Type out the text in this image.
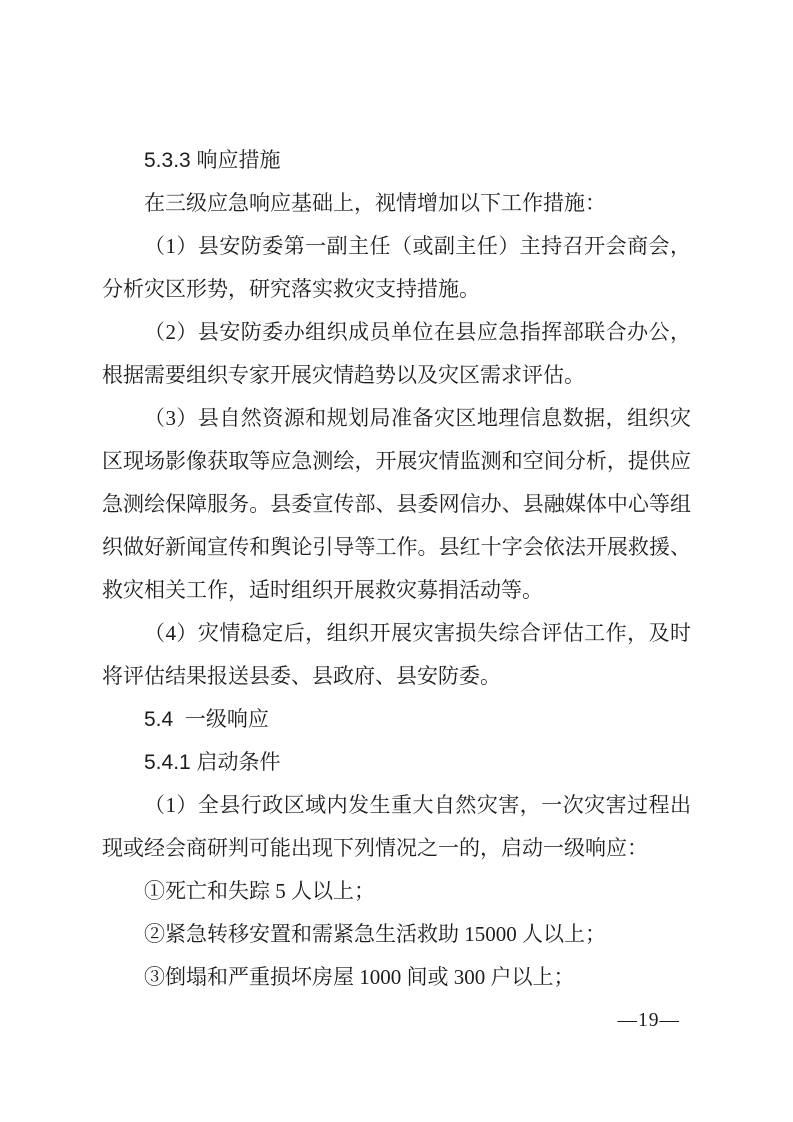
5.3.3 响应措施

在三级应急响应基础上，视情增加以下工作措施：

（1）县安防委第一副主任（或副主任）主持召开会商会，分析灾区形势，研究落实救灾支持措施。

（2）县安防委办组织成员单位在县应急指挥部联合办公，根据需要组织专家开展灾情趋势以及灾区需求评估。

（3）县自然资源和规划局准备灾区地理信息数据，组织灾区现场影像获取等应急测绘，开展灾情监测和空间分析，提供应急测绘保障服务。县委宣传部、县委网信办、县融媒体中心等组织做好新闻宣传和舆论引导等工作。县红十字会依法开展救援、救灾相关工作，适时组织开展救灾募捐活动等。

（4）灾情稳定后，组织开展灾害损失综合评估工作，及时将评估结果报送县委、县政府、县安防委。

5.4  一级响应
5.4.1 启动条件

（1）全县行政区域内发生重大自然灾害，一次灾害过程出现或经会商研判可能出现下列情况之一的，启动一级响应：

①死亡和失踪 5 人以上；

②紧急转移安置和需紧急生活救助 15000 人以上；

③倒塌和严重损坏房屋 1000 间或 300 户以上；

—19—
